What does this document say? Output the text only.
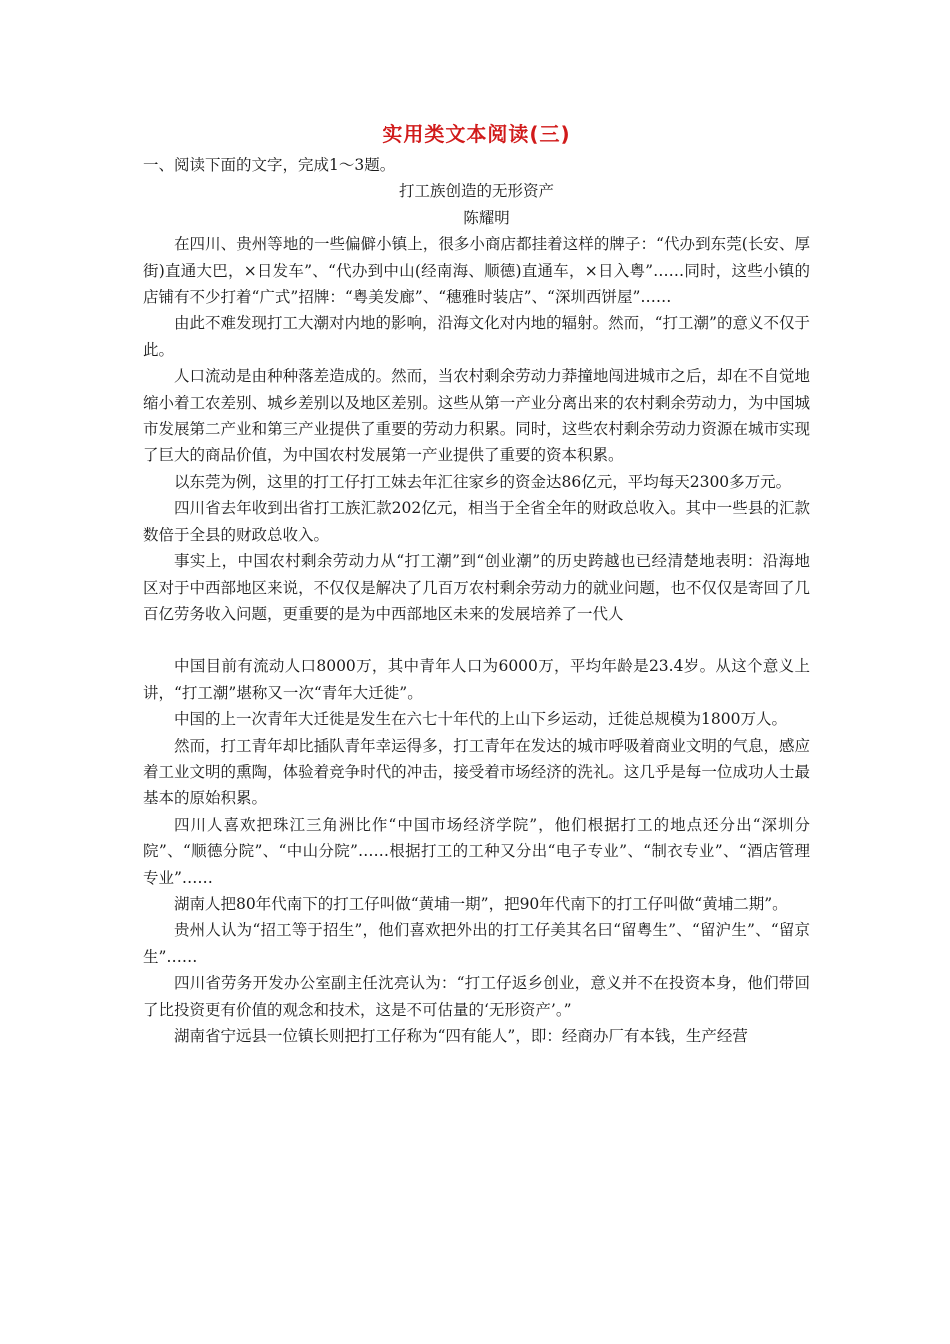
实用类文本阅读(三)

一、阅读下面的文字，完成1～3题。

打工族创造的无形资产

陈耀明

在四川、贵州等地的一些偏僻小镇上，很多小商店都挂着这样的牌子：“代办到东莞(长安、厚街)直通大巴，×日发车”、“代办到中山(经南海、顺德)直通车，×日入粤”……同时，这些小镇的店铺有不少打着“广式”招牌：“粤美发廊”、“穗雅时装店”、“深圳西饼屋”……

由此不难发现打工大潮对内地的影响，沿海文化对内地的辐射。然而，“打工潮”的意义不仅于此。

人口流动是由种种落差造成的。然而，当农村剩余劳动力莽撞地闯进城市之后，却在不自觉地缩小着工农差别、城乡差别以及地区差别。这些从第一产业分离出来的农村剩余劳动力，为中国城市发展第二产业和第三产业提供了重要的劳动力积累。同时，这些农村剩余劳动力资源在城市实现了巨大的商品价值，为中国农村发展第一产业提供了重要的资本积累。

以东莞为例，这里的打工仔打工妹去年汇往家乡的资金达86亿元，平均每天2300多万元。

四川省去年收到出省打工族汇款202亿元，相当于全省全年的财政总收入。其中一些县的汇款数倍于全县的财政总收入。

事实上，中国农村剩余劳动力从“打工潮”到“创业潮”的历史跨越也已经清楚地表明：沿海地区对于中西部地区来说，不仅仅是解决了几百万农村剩余劳动力的就业问题，也不仅仅是寄回了几百亿劳务收入问题，更重要的是为中西部地区未来的发展培养了一代人

中国目前有流动人口8000万，其中青年人口为6000万，平均年龄是23.4岁。从这个意义上讲，“打工潮”堪称又一次“青年大迁徙”。

中国的上一次青年大迁徙是发生在六七十年代的上山下乡运动，迁徙总规模为1800万人。

然而，打工青年却比插队青年幸运得多，打工青年在发达的城市呼吸着商业文明的气息，感应着工业文明的熏陶，体验着竞争时代的冲击，接受着市场经济的洗礼。这几乎是每一位成功人士最基本的原始积累。

四川人喜欢把珠江三角洲比作“中国市场经济学院”，他们根据打工的地点还分出“深圳分院”、“顺德分院”、“中山分院”……根据打工的工种又分出“电子专业”、“制衣专业”、“酒店管理专业”……

湖南人把80年代南下的打工仔叫做“黄埔一期”，把90年代南下的打工仔叫做“黄埔二期”。

贵州人认为“招工等于招生”，他们喜欢把外出的打工仔美其名曰“留粤生”、“留沪生”、“留京生”……

四川省劳务开发办公室副主任沈亮认为：“打工仔返乡创业，意义并不在投资本身，他们带回了比投资更有价值的观念和技术，这是不可估量的‘无形资产’。”

湖南省宁远县一位镇长则把打工仔称为“四有能人”，即：经商办厂有本钱，生产经营
